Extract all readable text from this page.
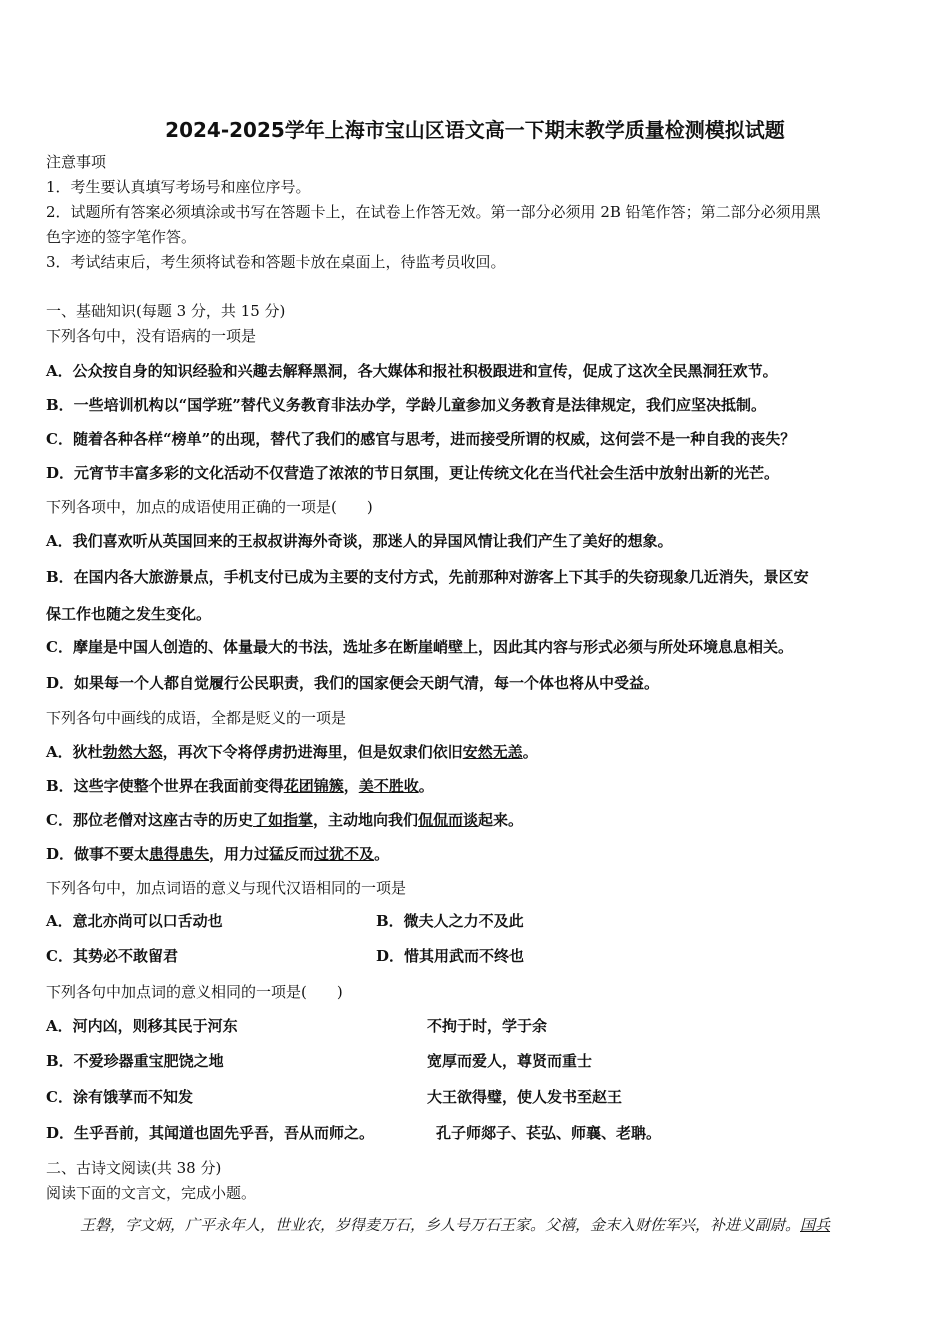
2024-2025学年上海市宝山区语文高一下期末教学质量检测模拟试题
注意事项
1．考生要认真填写考场号和座位序号。
2．试题所有答案必须填涂或书写在答题卡上，在试卷上作答无效。第一部分必须用 2B 铅笔作答；第二部分必须用黑
色字迹的签字笔作答。
3．考试结束后，考生须将试卷和答题卡放在桌面上，待监考员收回。
一、基础知识(每题 3 分，共 15 分)
下列各句中，没有语病的一项是
A．公众按自身的知识经验和兴趣去解释黑洞，各大媒体和报社积极跟进和宣传，促成了这次全民黑洞狂欢节。
B．一些培训机构以“国学班”替代义务教育非法办学，学龄儿童参加义务教育是法律规定，我们应坚决抵制。
C．随着各种各样“榜单”的出现，替代了我们的感官与思考，进而接受所谓的权威，这何尝不是一种自我的丧失？
D．元宵节丰富多彩的文化活动不仅营造了浓浓的节日氛围，更让传统文化在当代社会生活中放射出新的光芒。
下列各项中，加点的成语使用正确的一项是(　　)
A．我们喜欢听从英国回来的王叔叔讲海外奇谈，那迷人的异国风情让我们产生了美好的想象。
B．在国内各大旅游景点，手机支付已成为主要的支付方式，先前那种对游客上下其手的失窃现象几近消失，景区安
保工作也随之发生变化。
C．摩崖是中国人创造的、体量最大的书法，选址多在断崖峭壁上，因此其内容与形式必须与所处环境息息相关。
D．如果每一个人都自觉履行公民职责，我们的国家便会天朗气清，每一个体也将从中受益。
下列各句中画线的成语，全都是贬义的一项是
A．狄杜勃然大怒，再次下令将俘虏扔进海里，但是奴隶们依旧安然无恙。
B．这些字使整个世界在我面前变得花团锦簇，美不胜收。
C．那位老僧对这座古寺的历史了如指掌，主动地向我们侃侃而谈起来。
D．做事不要太患得患失，用力过猛反而过犹不及。
下列各句中，加点词语的意义与现代汉语相同的一项是
A．意北亦尚可以口舌动也	B．微夫人之力不及此
C．其势必不敢留君	D．惜其用武而不终也
下列各句中加点词的意义相同的一项是(　　)
A．河内凶，则移其民于河东	不拘于时，学于余
B．不爱珍器重宝肥饶之地	宽厚而爱人，尊贤而重士
C．涂有饿莩而不知发	大王欲得璧，使人发书至赵王
D．生乎吾前，其闻道也固先乎吾，吾从而师之。	孔子师郯子、苌弘、师襄、老聃。
二、古诗文阅读(共 38 分)
阅读下面的文言文，完成小题。
王磐，字文炳，广平永年人，世业农，岁得麦万石，乡人号万石王家。父禧，金末入财佐军兴，补进义副尉。国兵
